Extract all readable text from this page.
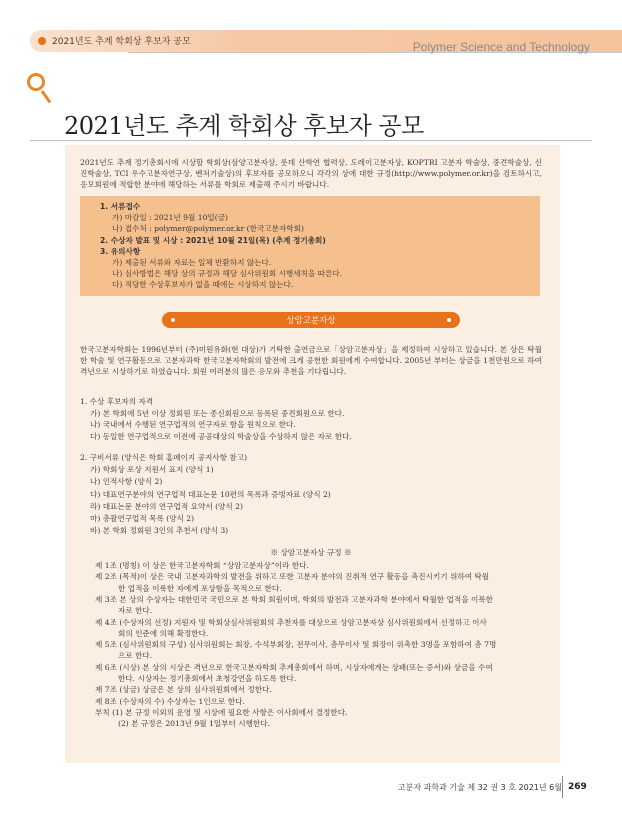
2021년도 추계 학회상 후보자 공모	Polymer Science and Technology
2021년도 추계 학회상 후보자 공모
2021년도 추계 정기총회시에 시상할 학회상(삼양고분자상, 롯데 산학연 협력상, 도레이고분자상, KOPTRI 고분자 학술상, 중견학술상, 신진학술상, TCI 우수고분자연구상, 벤처기술상)의 후보자를 공모하오니 각각의 상에 대한 규정(http://www.polymer.or.kr)을 검토하시고, 응모회원에 적합한 분야에 해당하는 서류를 학회로 제출해 주시기 바랍니다.
1. 서류접수
가) 마감일 : 2021년 9월 10일(금)
나) 접수처 : polymer@polymer.or.kr (한국고분자학회)
2. 수상자 발표 및 시상 : 2021년 10월 21일(목) (추계 정기총회)
3. 유의사항
가) 제출된 서류와 자료는 일체 반환하지 않는다.
나) 심사방법은 해당 상의 규정과 해당 심사위원회 시행세칙을 따른다.
다) 적당한 수상후보자가 없을 때에는 시상하지 않는다.
상암고분자상
한국고분자학회는 1996년부터 (주)미원유화(현 대상)가 기탁한 출연금으로「상암고분자상」을 제정하여 시상하고 있습니다. 본 상은 탁월한 학술 및 연구활동으로 고분자과학 한국고분자학회의 발전에 크게 공헌한 회원에게 수여합니다. 2005년 부터는 상금을 1천만원으로 하여 격년으로 시상하기로 하였습니다. 회원 여러분의 많은 응모와 추천을 기다립니다.
1. 수상 후보자의 자격
가) 본 학회에 5년 이상 정회원 또는 종신회원으로 등록된 중견회원으로 한다.
나) 국내에서 수행된 연구업적의 연구자로 함을 원칙으로 한다.
다) 동일한 연구업적으로 이전에 공공대상의 학술상을 수상하지 않은 자로 한다.
2. 구비서류 (양식은 학회 홈페이지 공지사항 참고)
가) 학회상 포상 지원서 표지 (양식 1)
나) 인적사항 (양식 2)
다) 대표연구분야의 연구업적 대표논문 10편의 목록과 증빙자료 (양식 2)
라) 대표논문 분야의 연구업적 요약서 (양식 2)
마) 총괄연구업적 목록 (양식 2)
바) 본 학회 정회원 3인의 추천서 (양식 3)
※ 상암고분자상 규정 ※
제 1조 (명칭) 이 상은 한국고분자학회 “상암고분자상”이라 한다.
제 2조 (목적)이 상은 국내 고분자과학의 발전을 위하고 또한 고분자 분야의 진취적 연구 활동을 촉진시키기 위하여 탁월
한 업적을 이룩한 자에게 포상함을 목적으로 한다.
제 3조 본 상의 수상자는 대한민국 국민으로 본 학회 회원이며, 학회의 발전과 고분자과학 분야에서 탁월한 업적을 이룩한
자로 한다.
제 4조 (수상자의 선정) 지원자 및 학회상심사위원회의 추천자를 대상으로 상암고분자상 심사위원회에서 선정하고 이사
회의 인준에 의해 확정한다.
제 5조 (심사위원회의 구성) 심사위원회는 회장, 수석부회장, 전무이사, 총무이사 및 회장이 위촉한 3명을 포함하여 총 7명
으로 한다.
제 6조 (시상) 본 상의 시상은 격년으로 한국고분자학회 추계총회에서 하며, 시상자에게는 상패(또는 증서)와 상금을 수여
한다. 시상자는 정기총회에서 초청강연을 하도록 한다.
제 7조 (상금) 상금은 본 상의 심사위원회에서 정한다.
제 8조 (수상자의 수) 수상자는 1인으로 한다.
부칙 (1) 본 규정 이외의 운영 및 시상에 필요한 사항은 이사회에서 결정한다.
(2) 본 규정은 2013년 9월 1일부터 시행한다.
고분자 과학과 기술 제 32 권 3 호 2021년 6월 269
